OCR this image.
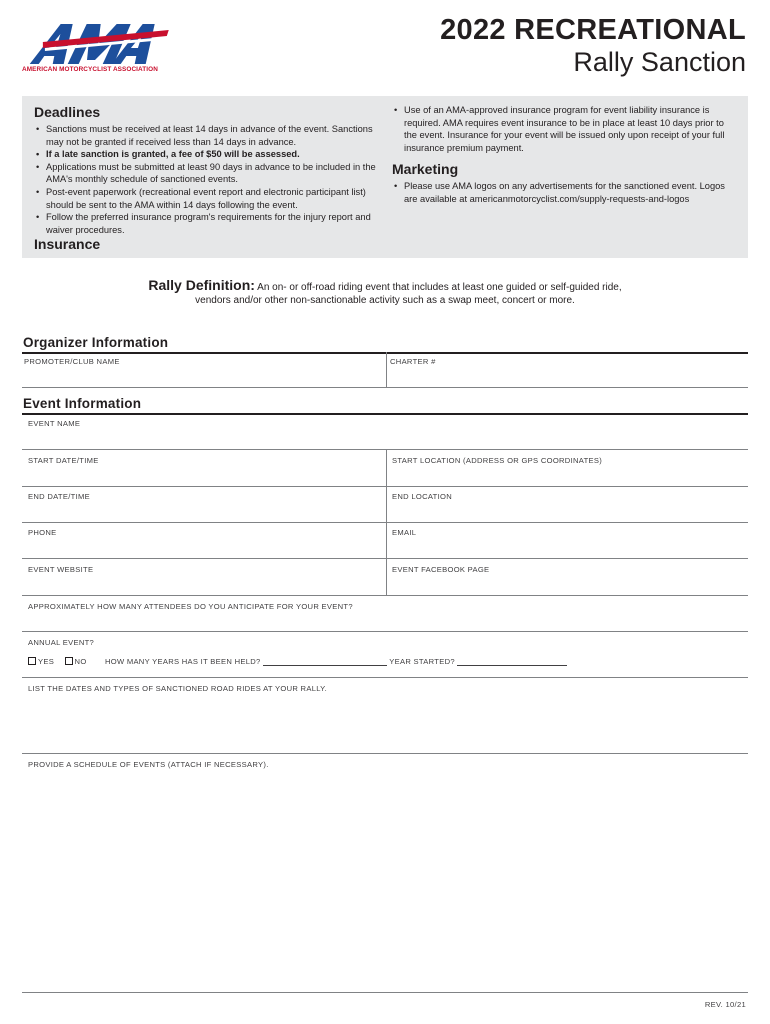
AMERICAN MOTORCYCLIST ASSOCIATION
2022 RECREATIONAL
Rally Sanction
Deadlines
• Sanctions must be received at least 14 days in advance of the event. Sanctions may not be granted if received less than 14 days in advance.
• If a late sanction is granted, a fee of $50 will be assessed.
• Applications must be submitted at least 90 days in advance to be included in the AMA's monthly schedule of sanctioned events.
• Post-event paperwork (recreational event report and electronic participant list) should be sent to the AMA within 14 days following the event.
• Follow the preferred insurance program's requirements for the injury report and waiver procedures.
Insurance
• Use of an AMA-approved insurance program for event liability insurance is required. AMA requires event insurance to be in place at least 10 days prior to the event. Insurance for your event will be issued only upon receipt of your full insurance premium payment.
Marketing
• Please use AMA logos on any advertisements for the sanctioned event. Logos are available at americanmotorcyclist.com/supply-requests-and-logos
Rally Definition: An on- or off-road riding event that includes at least one guided or self-guided ride,
vendors and/or other non-sanctionable activity such as a swap meet, concert or more.
Organizer Information
PROMOTER/CLUB NAME	CHARTER #
Event Information
EVENT NAME
START DATE/TIME	START LOCATION (ADDRESS OR GPS COORDINATES)
END DATE/TIME	END LOCATION
PHONE	EMAIL
EVENT WEBSITE	EVENT FACEBOOK PAGE
APPROXIMATELY HOW MANY ATTENDEES DO YOU ANTICIPATE FOR YOUR EVENT?
ANNUAL EVENT?
YES	NO HOW MANY YEARS HAS IT BEEN HELD?	YEAR STARTED?
LIST THE DATES AND TYPES OF SANCTIONED ROAD RIDES AT YOUR RALLY.
PROVIDE A SCHEDULE OF EVENTS (ATTACH IF NECESSARY).
REV. 10/21
